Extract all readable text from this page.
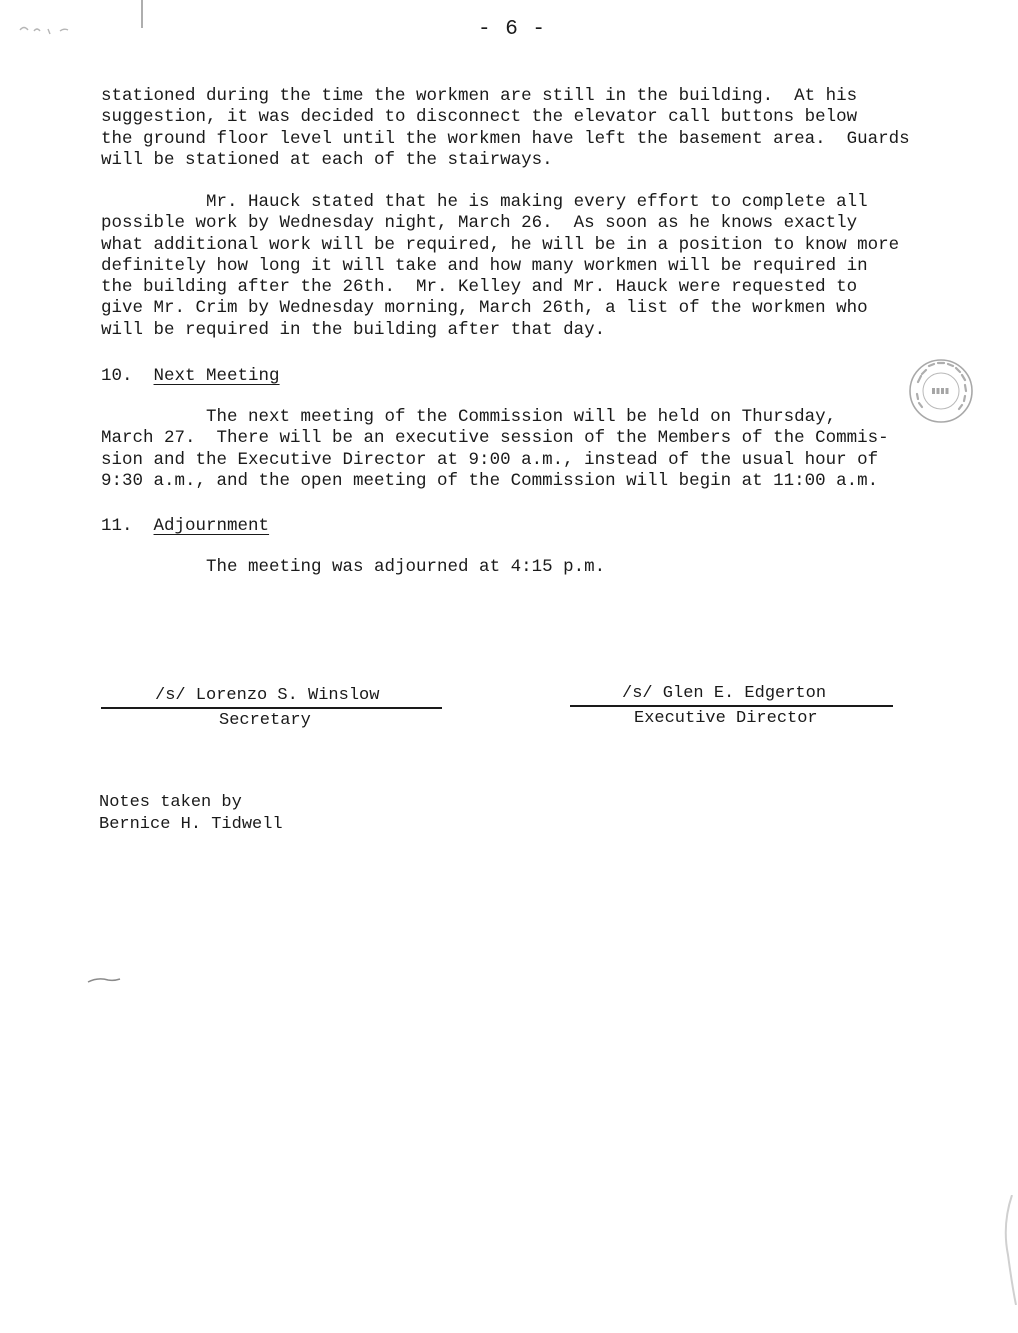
- 6 -
stationed during the time the workmen are still in the building.  At his
suggestion, it was decided to disconnect the elevator call buttons below
the ground floor level until the workmen have left the basement area.  Guards
will be stationed at each of the stairways.
Mr. Hauck stated that he is making every effort to complete all
possible work by Wednesday night, March 26.  As soon as he knows exactly
what additional work will be required, he will be in a position to know more
definitely how long it will take and how many workmen will be required in
the building after the 26th.  Mr. Kelley and Mr. Hauck were requested to
give Mr. Crim by Wednesday morning, March 26th, a list of the workmen who
will be required in the building after that day.
10. Next Meeting
The next meeting of the Commission will be held on Thursday,
March 27.  There will be an executive session of the Members of the Commis-
sion and the Executive Director at 9:00 a.m., instead of the usual hour of
9:30 a.m., and the open meeting of the Commission will begin at 11:00 a.m.
11. Adjournment
The meeting was adjourned at 4:15 p.m.
/s/ Lorenzo S. Winslow
Secretary
/s/ Glen E. Edgerton
Executive Director
Notes taken by
Bernice H. Tidwell
